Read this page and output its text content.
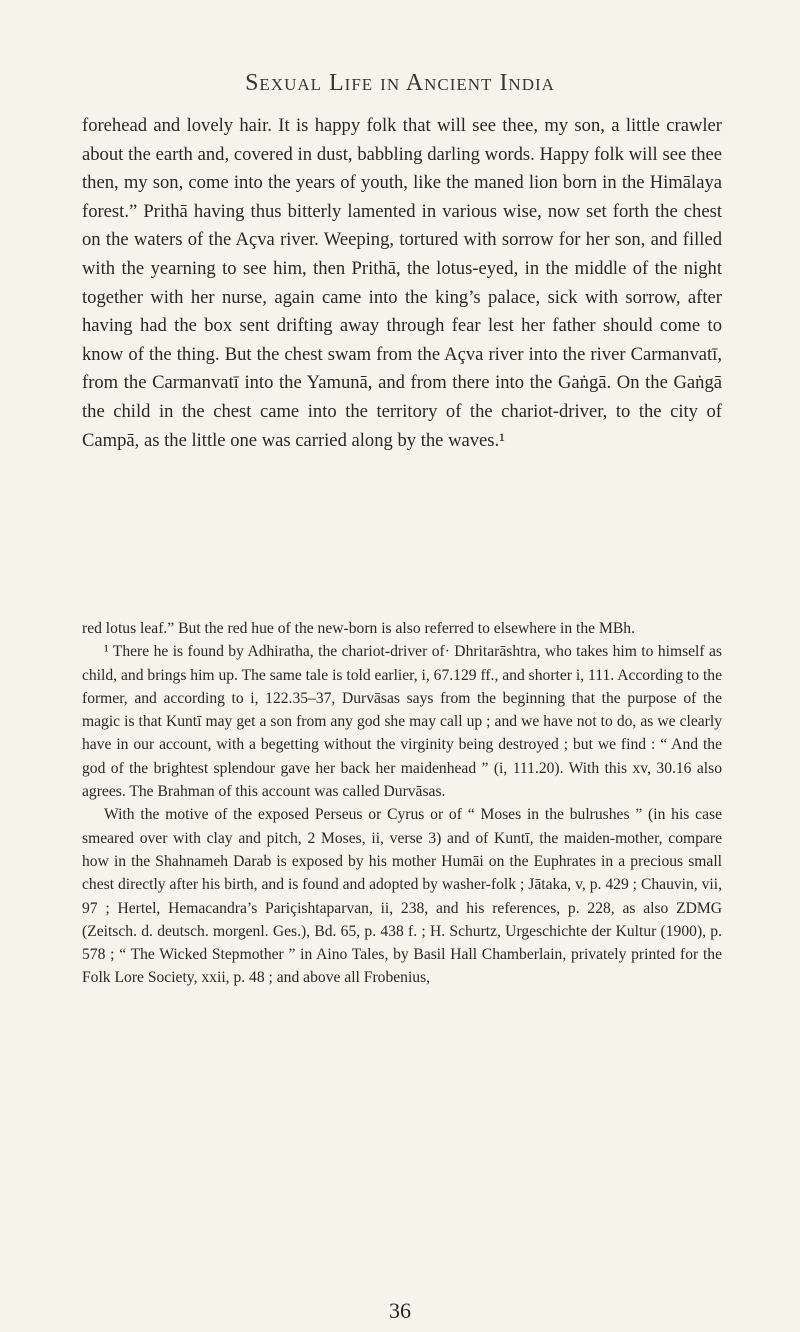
Sexual Life in Ancient India

forehead and lovely hair. It is happy folk that will see thee, my son, a little crawler about the earth and, covered in dust, babbling darling words. Happy folk will see thee then, my son, come into the years of youth, like the maned lion born in the Himālaya forest.” Prithā having thus bitterly lamented in various wise, now set forth the chest on the waters of the Açva river. Weeping, tortured with sorrow for her son, and filled with the yearning to see him, then Prithā, the lotus-eyed, in the middle of the night together with her nurse, again came into the king’s palace, sick with sorrow, after having had the box sent drifting away through fear lest her father should come to know of the thing. But the chest swam from the Açva river into the river Carmanvatī, from the Carmanvatī into the Yamunā, and from there into the Gaṅgā. On the Gaṅgā the child in the chest came into the territory of the chariot-driver, to the city of Campā, as the little one was carried along by the waves.¹

red lotus leaf.” But the red hue of the new-born is also referred to elsewhere in the MBh.

¹ There he is found by Adhiratha, the chariot-driver of· Dhritarāshtra, who takes him to himself as child, and brings him up. The same tale is told earlier, i, 67.129 ff., and shorter i, 111. According to the former, and according to i, 122.35–37, Durvāsas says from the beginning that the purpose of the magic is that Kuntī may get a son from any god she may call up ; and we have not to do, as we clearly have in our account, with a begetting without the virginity being destroyed ; but we find : “ And the god of the brightest splendour gave her back her maidenhead ” (i, 111.20). With this xv, 30.16 also agrees. The Brahman of this account was called Durvāsas.

With the motive of the exposed Perseus or Cyrus or of “ Moses in the bulrushes ” (in his case smeared over with clay and pitch, 2 Moses, ii, verse 3) and of Kuntī, the maiden-mother, compare how in the Shahnameh Darab is exposed by his mother Humāi on the Euphrates in a precious small chest directly after his birth, and is found and adopted by washer-folk ; Jātaka, v, p. 429 ; Chauvin, vii, 97 ; Hertel, Hemacandra’s Pariçishtaparvan, ii, 238, and his references, p. 228, as also ZDMG (Zeitsch. d. deutsch. morgenl. Ges.), Bd. 65, p. 438 f. ; H. Schurtz, Urgeschichte der Kultur (1900), p. 578 ; “ The Wicked Stepmother ” in Aino Tales, by Basil Hall Chamberlain, privately printed for the Folk Lore Society, xxii, p. 48 ; and above all Frobenius,

36
